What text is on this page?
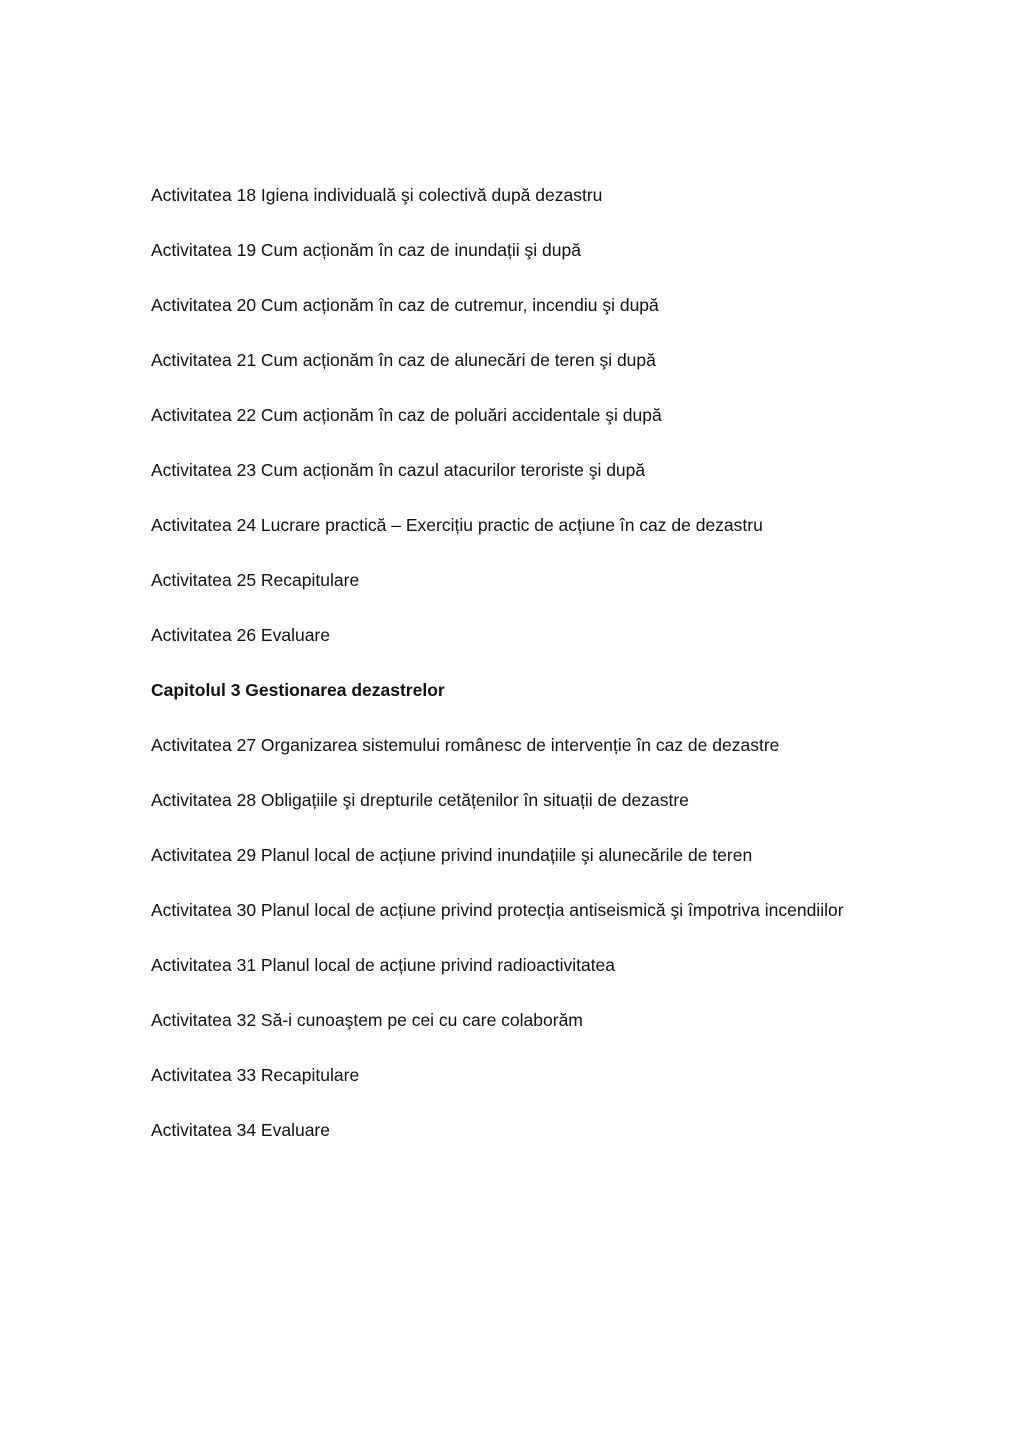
Activitatea 18 Igiena individuală şi colectivă după dezastru

Activitatea 19 Cum acționăm în caz de inundații şi după

Activitatea 20 Cum acționăm în caz de cutremur, incendiu şi după

Activitatea 21 Cum acționăm în caz de alunecări de teren şi după

Activitatea 22 Cum acționăm în caz de poluări accidentale şi după

Activitatea 23 Cum acționăm în cazul atacurilor teroriste şi după

Activitatea 24 Lucrare practică – Exercițiu practic de acțiune în caz de dezastru

Activitatea 25 Recapitulare

Activitatea 26 Evaluare

Capitolul 3 Gestionarea dezastrelor

Activitatea 27 Organizarea sistemului românesc de intervenție în caz de dezastre

Activitatea 28 Obligațiile şi drepturile cetățenilor în situații de dezastre

Activitatea 29 Planul local de acțiune privind inundațiile şi alunecările de teren

Activitatea 30 Planul local de acțiune privind protecția antiseismică şi împotriva incendiilor

Activitatea 31 Planul local de acțiune privind radioactivitatea

Activitatea 32 Să-i cunoaştem pe cei cu care colaborăm

Activitatea 33 Recapitulare

Activitatea 34 Evaluare
